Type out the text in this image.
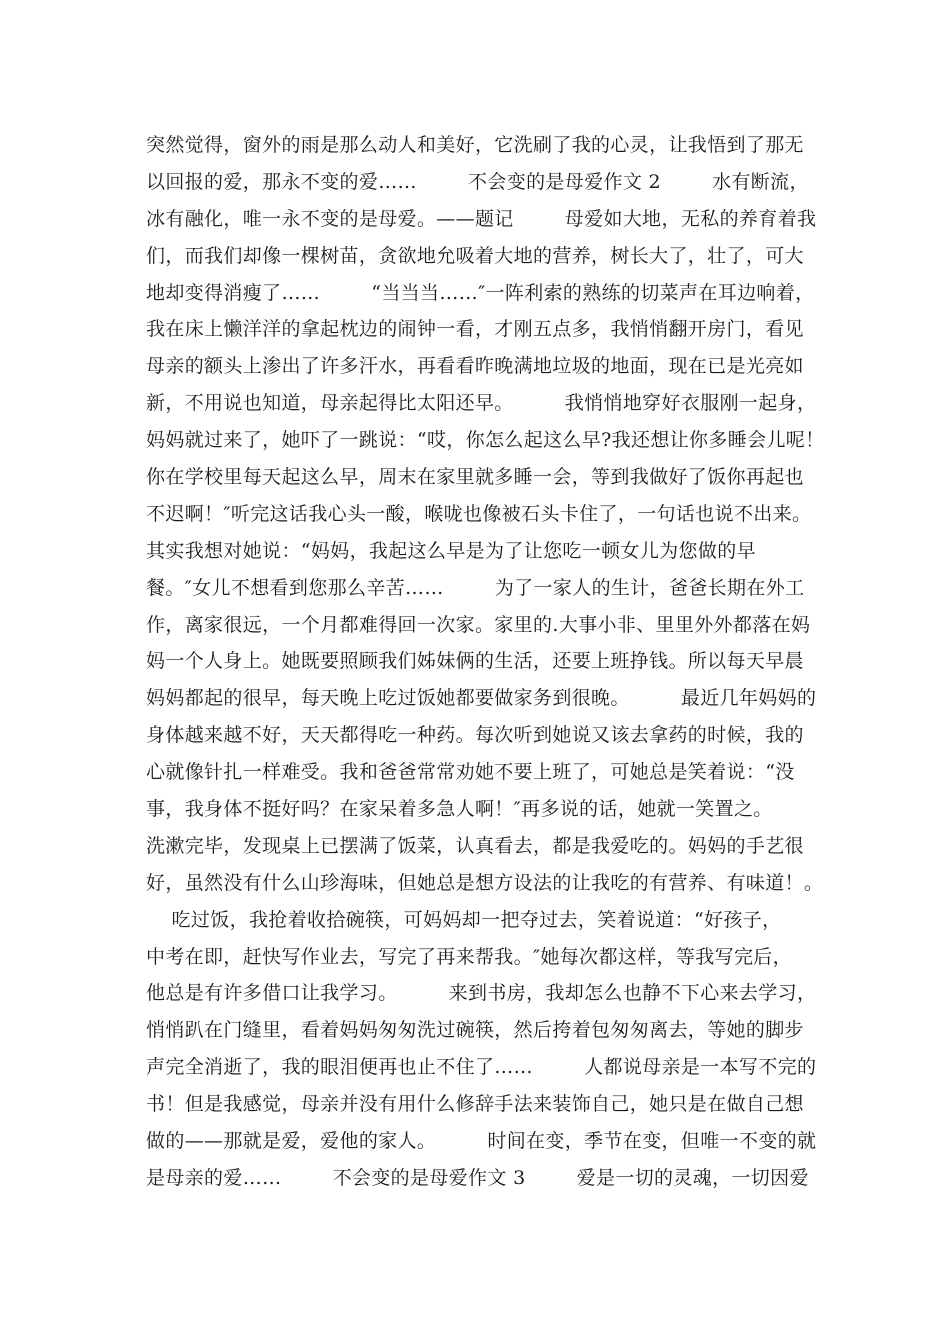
突然觉得，窗外的雨是那么动人和美好，它洗刷了我的心灵，让我悟到了那无
以回报的爱，那永不变的爱……        不会变的是母爱作文 2        水有断流，
冰有融化，唯一永不变的是母爱。——题记        母爱如大地，无私的养育着我
们，而我们却像一棵树苗，贪欲地允吸着大地的营养，树长大了，壮了，可大
地却变得消瘦了……        “当当当……″一阵利索的熟练的切菜声在耳边响着，
我在床上懒洋洋的拿起枕边的闹钟一看，才刚五点多，我悄悄翻开房门，看见
母亲的额头上渗出了许多汗水，再看看昨晚满地垃圾的地面，现在已是光亮如
新，不用说也知道，母亲起得比太阳还早。        我悄悄地穿好衣服刚一起身，
妈妈就过来了，她吓了一跳说：“哎，你怎么起这么早?我还想让你多睡会儿呢！
你在学校里每天起这么早，周末在家里就多睡一会，等到我做好了饭你再起也
不迟啊！″听完这话我心头一酸，喉咙也像被石头卡住了，一句话也说不出来。
其实我想对她说：“妈妈，我起这么早是为了让您吃一顿女儿为您做的早
餐。″女儿不想看到您那么辛苦……        为了一家人的生计，爸爸长期在外工
作，离家很远，一个月都难得回一次家。家里的.大事小非、里里外外都落在妈
妈一个人身上。她既要照顾我们姊妹俩的生活，还要上班挣钱。所以每天早晨
妈妈都起的很早，每天晚上吃过饭她都要做家务到很晚。        最近几年妈妈的
身体越来越不好，天天都得吃一种药。每次听到她说又该去拿药的时候，我的
心就像针扎一样难受。我和爸爸常常劝她不要上班了，可她总是笑着说：“没
事，我身体不挺好吗？在家呆着多急人啊！″再多说的话，她就一笑置之。
洗漱完毕，发现桌上已摆满了饭菜，认真看去，都是我爱吃的。妈妈的手艺很
好，虽然没有什么山珍海味，但她总是想方设法的让我吃的有营养、有味道！。
吃过饭，我抢着收拾碗筷，可妈妈却一把夺过去，笑着说道：“好孩子，
中考在即，赶快写作业去，写完了再来帮我。″她每次都这样，等我写完后，
他总是有许多借口让我学习。        来到书房，我却怎么也静不下心来去学习，
悄悄趴在门缝里，看着妈妈匆匆洗过碗筷，然后挎着包匆匆离去，等她的脚步
声完全消逝了，我的眼泪便再也止不住了……        人都说母亲是一本写不完的
书！但是我感觉，母亲并没有用什么修辞手法来装饰自己，她只是在做自己想
做的——那就是爱，爱他的家人。        时间在变，季节在变，但唯一不变的就
是母亲的爱……        不会变的是母爱作文 3        爱是一切的灵魂，一切因爱
